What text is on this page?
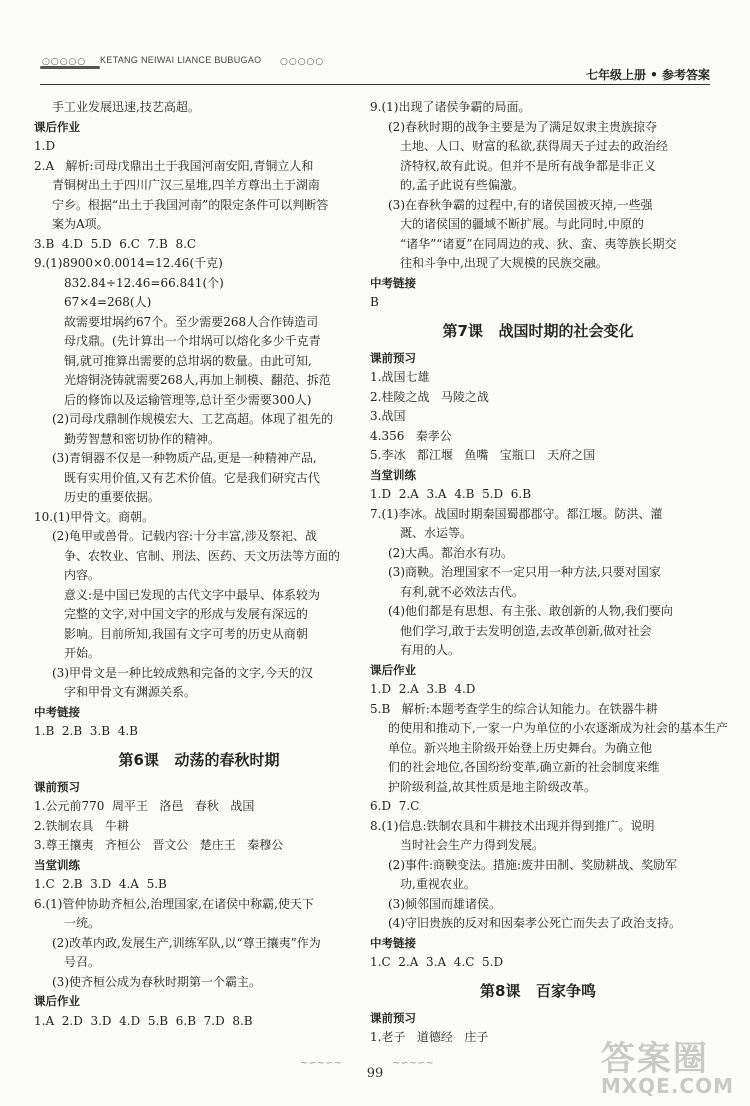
○○○○○ KETANG NEIWAI LIANCE BUBUGAO ○○○○○
七年级上册 • 参考答案
手工业发展迅速,技艺高超。
课后作业
1.D
2.A   解析:司母戊鼎出土于我国河南安阳,青铜立人和
青铜树出土于四川广汉三星堆,四羊方尊出土于湖南
宁乡。根据“出土于我国河南”的限定条件可以判断答
案为A项。
3.B  4.D  5.D  6.C  7.B  8.C
9.(1)8900×0.0014=12.46(千克)
832.84÷12.46=66.841(个)
67×4=268(人)
故需要坩埚约67个。至少需要268人合作铸造司
母戊鼎。(先计算出一个坩埚可以熔化多少千克青
铜,就可推算出需要的总坩埚的数量。由此可知,
光熔铜浇铸就需要268人,再加上制模、翻范、拆范
后的修饰以及运输管理等,总计至少需要300人)
(2)司母戊鼎制作规模宏大、工艺高超。体现了祖先的
勤劳智慧和密切协作的精神。
(3)青铜器不仅是一种物质产品,更是一种精神产品,
既有实用价值,又有艺术价值。它是我们研究古代
历史的重要依据。
10.(1)甲骨文。商朝。
(2)龟甲或兽骨。记载内容:十分丰富,涉及祭祀、战
争、农牧业、官制、刑法、医药、天文历法等方面的
内容。
意义:是中国已发现的古代文字中最早、体系较为
完整的文字,对中国文字的形成与发展有深远的
影响。目前所知,我国有文字可考的历史从商朝
开始。
(3)甲骨文是一种比较成熟和完备的文字,今天的汉
字和甲骨文有渊源关系。
中考链接
1.B  2.B  3.B  4.B
第6课   动荡的春秋时期
课前预习
1.公元前770  周平王   洛邑   春秋   战国
2.铁制农具   牛耕
3.尊王攘夷   齐桓公   晋文公   楚庄王   秦穆公
当堂训练
1.C  2.B  3.D  4.A  5.B
6.(1)管仲协助齐桓公,治理国家,在诸侯中称霸,使天下
一统。
(2)改革内政,发展生产,训练军队,以“尊王攘夷”作为
号召。
(3)使齐桓公成为春秋时期第一个霸主。
课后作业
1.A  2.D  3.D  4.D  5.B  6.B  7.D  8.B
9.(1)出现了诸侯争霸的局面。
(2)春秋时期的战争主要是为了满足奴隶主贵族掠夺
土地、人口、财富的私欲,获得周天子过去的政治经
济特权,故有此说。但并不是所有战争都是非正义
的,孟子此说有些偏激。
(3)在春秋争霸的过程中,有的诸侯国被灭掉,一些强
大的诸侯国的疆域不断扩展。与此同时,中原的
“诸华”“诸夏”在同周边的戎、狄、蛮、夷等族长期交
往和斗争中,出现了大规模的民族交融。
中考链接
B
第7课   战国时期的社会变化
课前预习
1.战国七雄
2.桂陵之战   马陵之战
3.战国
4.356   秦孝公
5.李冰   都江堰   鱼嘴   宝瓶口   天府之国
当堂训练
1.D  2.A  3.A  4.B  5.D  6.B
7.(1)李冰。战国时期秦国蜀郡郡守。都江堰。防洪、灌
溉、水运等。
(2)大禹。都治水有功。
(3)商鞅。治理国家不一定只用一种方法,只要对国家
有利,就不必效法古代。
(4)他们都是有思想、有主张、敢创新的人物,我们要向
他们学习,敢于去发明创造,去改革创新,做对社会
有用的人。
课后作业
1.D  2.A  3.B  4.D
5.B   解析:本题考查学生的综合认知能力。在铁器牛耕
的使用和推动下,一家一户为单位的小农逐渐成为社会的基本生产
单位。新兴地主阶级开始登上历史舞台。为确立他
们的社会地位,各国纷纷变革,确立新的社会制度来维
护阶级利益,故其性质是地主阶级改革。
6.D  7.C
8.(1)信息:铁制农具和牛耕技术出现并得到推广。说明
当时社会生产力得到发展。
(2)事件:商鞅变法。措施:废井田制、奖励耕战、奖励军
功,重视农业。
(3)倾邻国而雄诸侯。
(4)守旧贵族的反对和因秦孝公死亡而失去了政治支持。
中考链接
1.C  2.A  3.A  4.C  5.D
第8课   百家争鸣
课前预习
1.老子   道德经   庄子
99
~∽~∽~	~∽~∽~	答案圈
MXQE.COM
